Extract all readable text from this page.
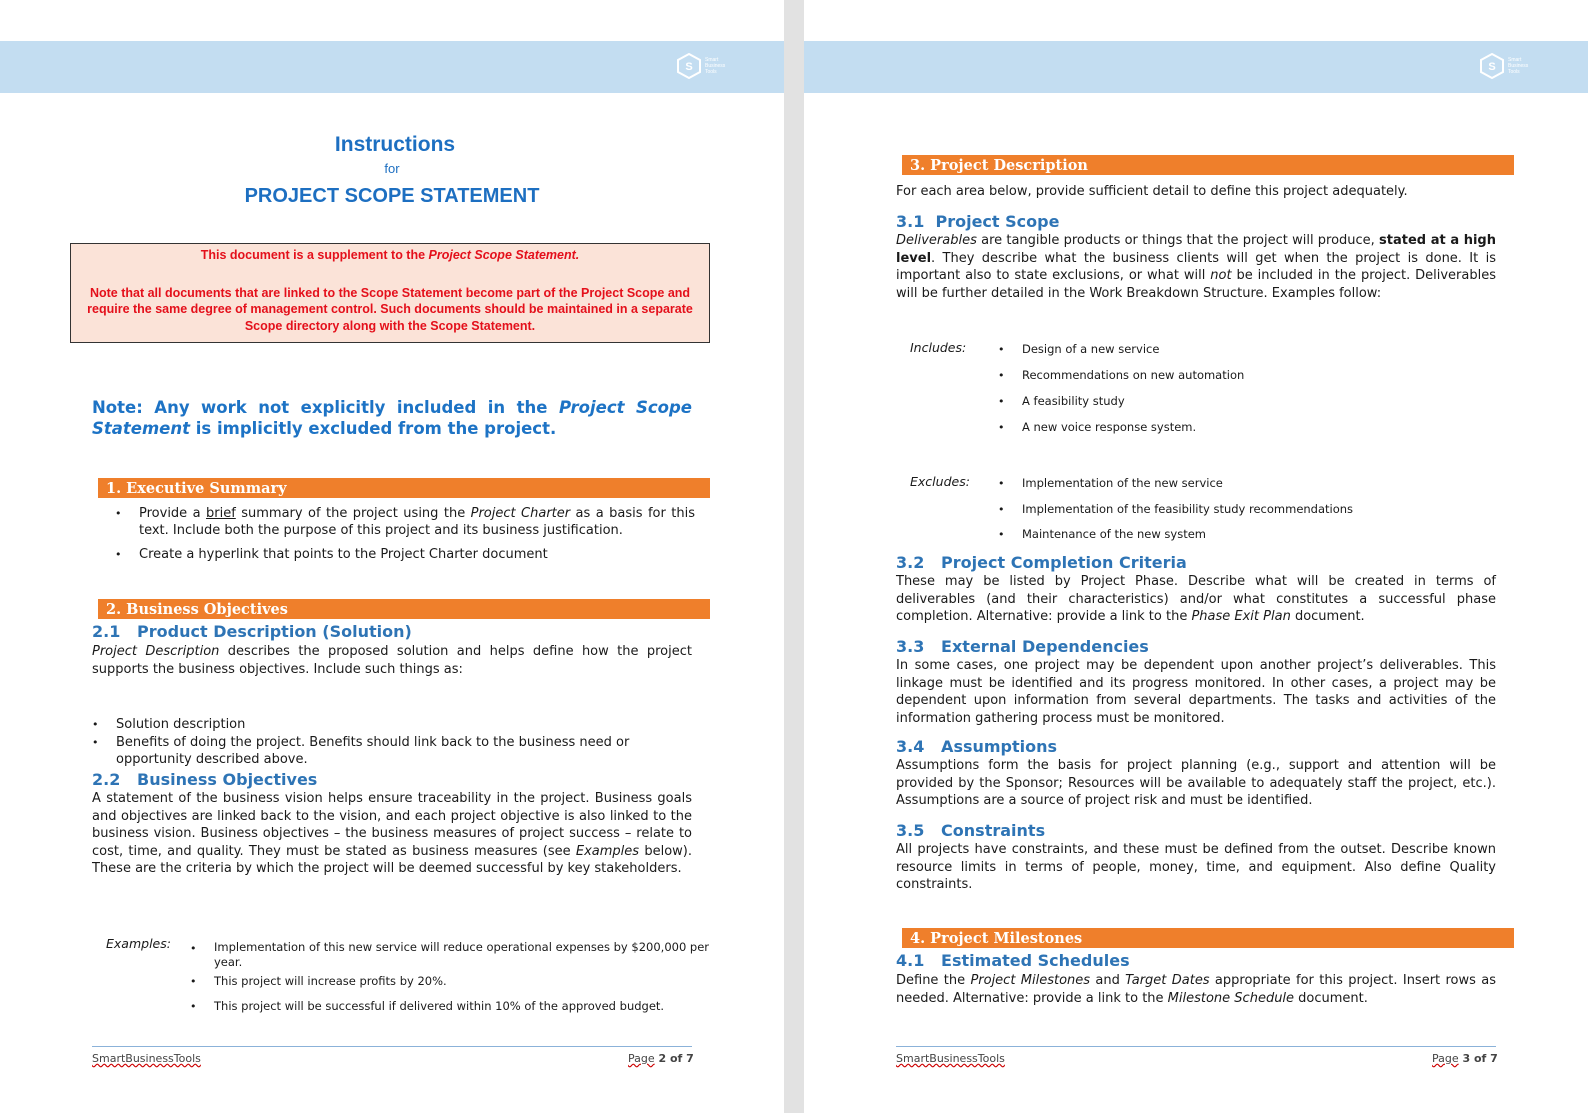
S
Smart
Business
Tools
Instructions
for
PROJECT SCOPE STATEMENT
This document is a supplement to the Project Scope Statement.
Note that all documents that are linked to the Scope Statement become part of the Project Scope and require the same degree of management control. Such documents should be maintained in a separate Scope directory along with the Scope Statement.
Note: Any work not explicitly included in the Project Scope Statement is implicitly excluded from the project.
1. Executive Summary
• Provide a brief summary of the project using the Project Charter as a basis for this text. Include both the purpose of this project and its business justification.
• Create a hyperlink that points to the Project Charter document
2. Business Objectives
2.1   Product Description (Solution)
Project Description describes the proposed solution and helps define how the project supports the business objectives. Include such things as:
• Solution description
• Benefits of doing the project. Benefits should link back to the business need or opportunity described above.
2.2   Business Objectives
A statement of the business vision helps ensure traceability in the project. Business goals and objectives are linked back to the vision, and each project objective is also linked to the business vision. Business objectives – the business measures of project success – relate to cost, time, and quality. They must be stated as business measures (see Examples below). These are the criteria by which the project will be deemed successful by key stakeholders.
Examples: • Implementation of this new service will reduce operational expenses by $200,000 per year.
• This project will increase profits by 20%.
• This project will be successful if delivered within 10% of the approved budget.
SmartBusinessTools	Page 2 of 7
S
Smart
Business
Tools
3. Project Description
For each area below, provide sufficient detail to define this project adequately.
3.1  Project Scope
Deliverables are tangible products or things that the project will produce, stated at a high level. They describe what the business clients will get when the project is done. It is important also to state exclusions, or what will not be included in the project. Deliverables will be further detailed in the Work Breakdown Structure. Examples follow:
Includes:	• Design of a new service
• Recommendations on new automation
• A feasibility study
• A new voice response system.
Excludes:	• Implementation of the new service
• Implementation of the feasibility study recommendations
• Maintenance of the new system
3.2   Project Completion Criteria
These may be listed by Project Phase. Describe what will be created in terms of deliverables (and their characteristics) and/or what constitutes a successful phase completion. Alternative: provide a link to the Phase Exit Plan document.
3.3   External Dependencies
In some cases, one project may be dependent upon another project’s deliverables. This linkage must be identified and its progress monitored. In other cases, a project may be dependent upon information from several departments. The tasks and activities of the information gathering process must be monitored.
3.4   Assumptions
Assumptions form the basis for project planning (e.g., support and attention will be provided by the Sponsor; Resources will be available to adequately staff the project, etc.). Assumptions are a source of project risk and must be identified.
3.5   Constraints
All projects have constraints, and these must be defined from the outset. Describe known resource limits in terms of people, money, time, and equipment. Also define Quality constraints.
4. Project Milestones
4.1   Estimated Schedules
Define the Project Milestones and Target Dates appropriate for this project. Insert rows as needed. Alternative: provide a link to the Milestone Schedule document.
SmartBusinessTools	Page 3 of 7
